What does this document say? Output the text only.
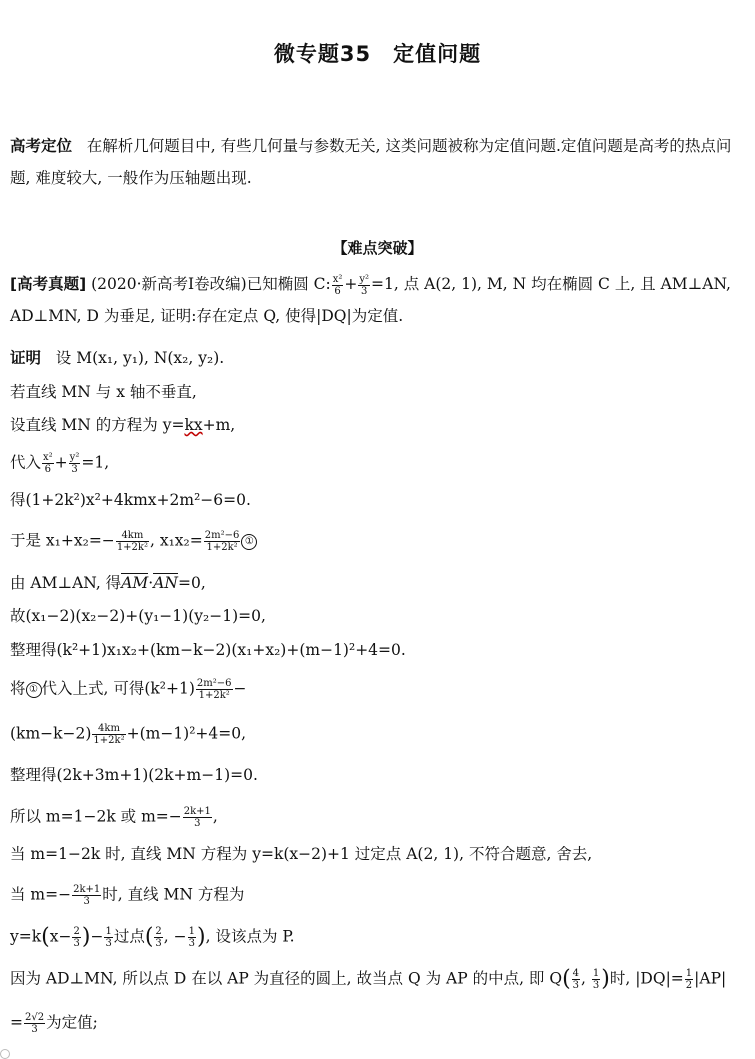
微专题35　定值问题
高考定位 在解析几何题目中, 有些几何量与参数无关, 这类问题被称为定值问题.定值问题是高考的热点问题, 难度较大, 一般作为压轴题出现.
【难点突破】
[高考真题] (2020·新高考Ⅰ卷改编)已知椭圆 C: $\frac{\text{x²}}{6} + \frac{\text{y²}}{3} =1$, 点 A(2, 1), M, N 均在椭圆 C 上, 且 AM⊥AN, AD⊥MN, D 为垂足, 证明:存在定点 Q, 使得|DQ|为定值.
证明 设 M(x₁, y₁), N(x₂, y₂).
若直线 MN 与 x 轴不垂直,
设直线 MN 的方程为 y=kx+m,
代入 $\frac{\text{x²}}{6} + \frac{\text{y²}}{3} =1$,
得(1+2k²)x²+4kmx+2m²−6=0.
于是 $x_1+x_2=- \frac{4km}{\text{1+2k²}}$ , $x_1x_2= \frac{\text{2m²−6}}{\text{1+2k²}}$ ①
由 AM⊥AN, 得AM·AN=0,
故(x₁−2)(x₂−2)+(y₁−1)(y₂−1)=0,
整理得(k²+1)x₁x₂+(km−k−2)(x₁+x₂)+(m−1)²+4=0.
将 ① 代入上式, 可得$(k^2+1) \frac{\text{2m²−6}}{\text{1+2k²}}$ −
$(km-k-2) \frac{4km}{\text{1+2k²}} +(m-1)^2+4=0$,
整理得(2k+3m+1)(2k+m−1)=0.
所以 m=1−2k 或 $m=- \frac{2k+1}{3}$ ,
当 m=1−2k 时, 直线 MN 方程为 y=k(x−2)+1 过定点 A(2, 1), 不符合题意, 舍去,
当 $m=- \frac{2k+1}{3}$ 时, 直线 MN 方程为
$y=k(x- \frac{2}{3}$ )− $\frac{1}{3}$ 过点( $\frac{2}{3}$ , − $\frac{1}{3}$ ), 设该点为 P.
因为 AD⊥MN, 所以点 D 在以 AP 为直径的圆上, 故当点 Q 为 AP 的中点, 即 $Q( \frac{4}{3}$ , $\frac{1}{3}$ )时, $|DQ|= \frac{1}{2} |AP|$
= $\frac{2√2}{3}$ 为定值;
